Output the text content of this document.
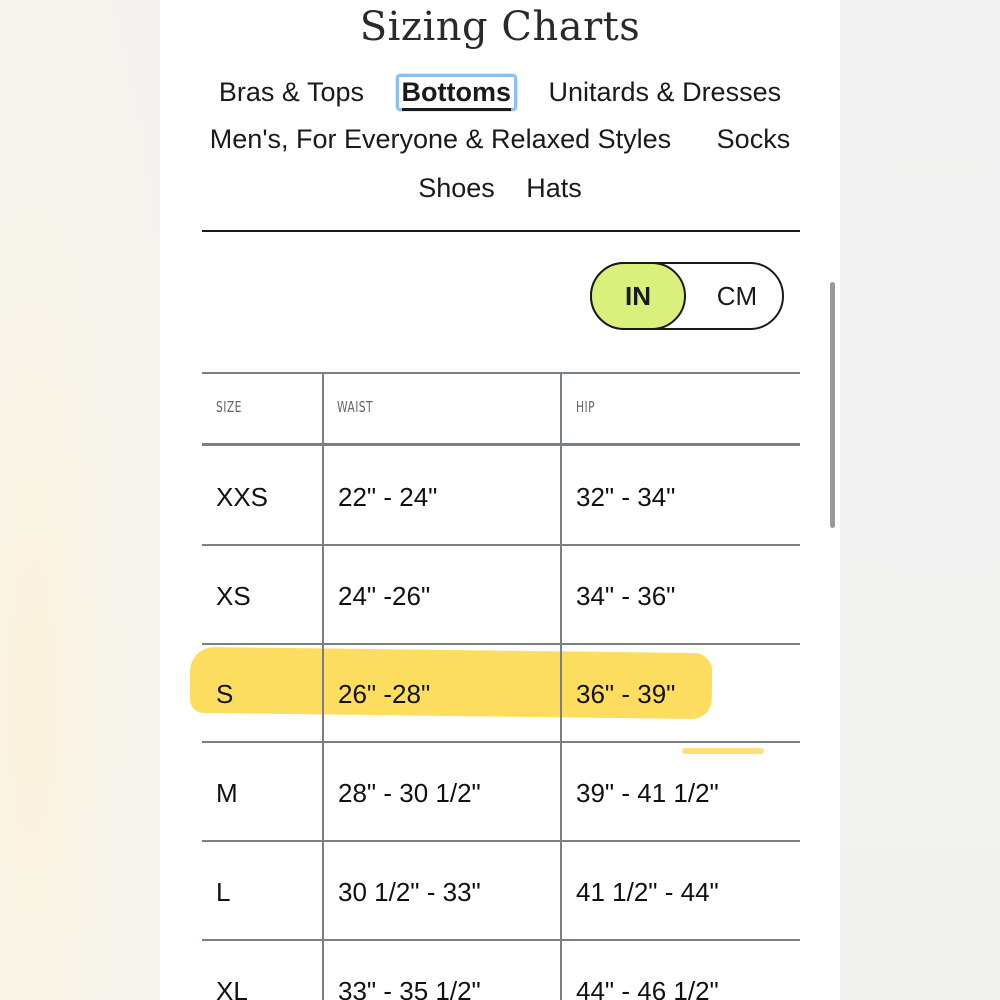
Sizing Charts
Bras & Tops Bottoms Unitards & Dresses
Men's, For Everyone & Relaxed Styles Socks
Shoes Hats
IN	CM
SIZE	WAIST	HIP
XXS	22" - 24"	32" - 34"
XS	24" -26"	34" - 36"
S	26" -28"	36" - 39"
M	28" - 30 1/2"	39" - 41 1/2"
L	30 1/2" - 33"	41 1/2" - 44"
XL	33" - 35 1/2"	44" - 46 1/2"
